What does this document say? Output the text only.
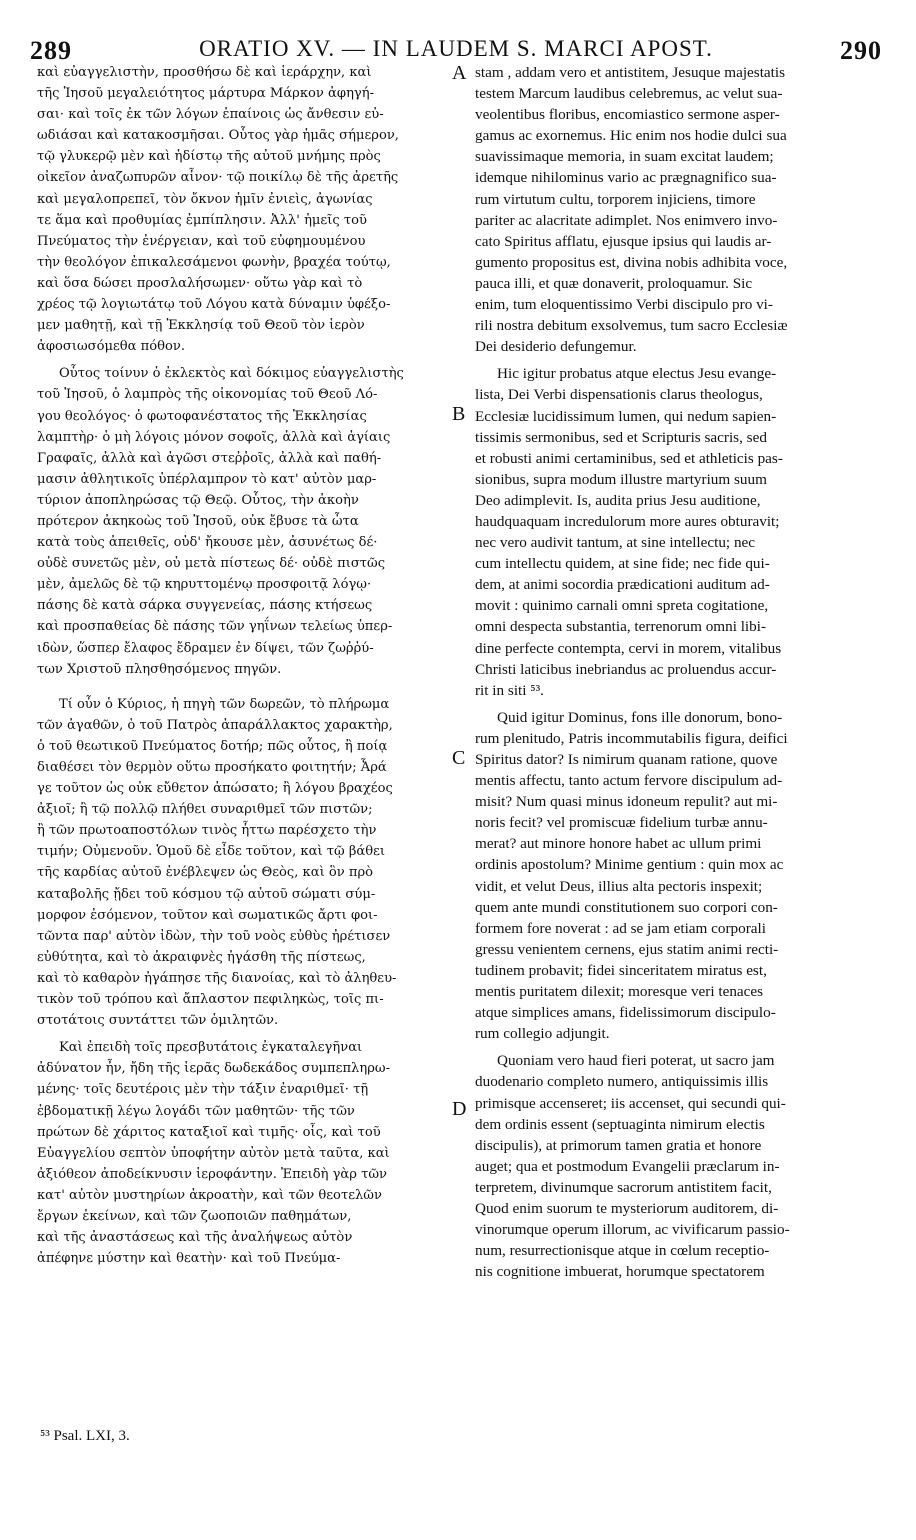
289	ORATIO XV. — IN LAUDEM S. MARCI APOST.	290
καὶ εὐαγγελιστὴν, προσθήσω δὲ καὶ ἱεράρχην, καὶ
τῆς Ἰησοῦ μεγαλειότητος μάρτυρα Μάρκον ἀφηγή-
σαι· καὶ τοῖς ἐκ τῶν λόγων ἐπαίνοις ὡς ἄνθεσιν εὐ-
ωδιάσαι καὶ κατακοσμῆσαι. Οὗτος γὰρ ἡμᾶς σήμερον,
τῷ γλυκερῷ μὲν καὶ ἡδίστῳ τῆς αὐτοῦ μνήμης πρὸς
οἰκεῖον ἀναζωπυρῶν αἶνον· τῷ ποικίλῳ δὲ τῆς ἀρετῆς
καὶ μεγαλοπρεπεῖ, τὸν ὄκνον ἡμῖν ἐνιεὶς, ἀγωνίας
τε ἅμα καὶ προθυμίας ἐμπίπλησιν. Ἀλλ' ἡμεῖς τοῦ
Πνεύματος τὴν ἐνέργειαν, καὶ τοῦ εὐφημουμένου
τὴν θεολόγον ἐπικαλεσάμενοι φωνὴν, βραχέα τούτῳ,
καὶ ὅσα δώσει προσλαλήσωμεν· οὕτω γὰρ καὶ τὸ
χρέος τῷ λογιωτάτῳ τοῦ Λόγου κατὰ δύναμιν ὑφέξο-
μεν μαθητῇ, καὶ τῇ Ἐκκλησίᾳ τοῦ Θεοῦ τὸν ἱερὸν
ἀφοσιωσόμεθα πόθον.
Οὗτος τοίνυν ὁ ἐκλεκτὸς καὶ δόκιμος εὐαγγελιστὴς
τοῦ Ἰησοῦ, ὁ λαμπρὸς τῆς οἰκονομίας τοῦ Θεοῦ Λό-
γου θεολόγος· ὁ φωτοφανέστατος τῆς Ἐκκλησίας
λαμπτὴρ· ὁ μὴ λόγοις μόνον σοφοῖς, ἀλλὰ καὶ ἁγίαις
Γραφαῖς, ἀλλὰ καὶ ἀγῶσι στεῤῥοῖς, ἀλλὰ καὶ παθή-
μασιν ἀθλητικοῖς ὑπέρλαμπρον τὸ κατ' αὐτὸν μαρ-
τύριον ἀποπληρώσας τῷ Θεῷ. Οὗτος, τὴν ἀκοὴν
πρότερον ἀκηκοὼς τοῦ Ἰησοῦ, οὐκ ἔβυσε τὰ ὦτα
κατὰ τοὺς ἀπειθεῖς, οὐδ' ἤκουσε μὲν, ἀσυνέτως δέ·
οὐδὲ συνετῶς μὲν, οὐ μετὰ πίστεως δέ· οὐδὲ πιστῶς
μὲν, ἀμελῶς δὲ τῷ κηρυττομένῳ προσφοιτᾷ λόγῳ·
πάσης δὲ κατὰ σάρκα συγγενείας, πάσης κτήσεως
καὶ προσπαθείας δὲ πάσης τῶν γηΐνων τελείως ὑπερ-
ιδὼν, ὥσπερ ἔλαφος ἔδραμεν ἐν δίψει, τῶν ζωῤῥύ-
των Χριστοῦ πλησθησόμενος πηγῶν.
Τί οὖν ὁ Κύριος, ἡ πηγὴ τῶν δωρεῶν, τὸ πλήρωμα
τῶν ἀγαθῶν, ὁ τοῦ Πατρὸς ἀπαράλλακτος χαρακτὴρ,
ὁ τοῦ θεωτικοῦ Πνεύματος δοτήρ; πῶς οὗτος, ἢ ποίᾳ
διαθέσει τὸν θερμὸν οὕτω προσήκατο φοιτητήν; Ἆρά
γε τοῦτον ὡς οὐκ εὔθετον ἀπώσατο; ἢ λόγου βραχέος
ἀξιοῖ; ἢ τῷ πολλῷ πλήθει συναριθμεῖ τῶν πιστῶν;
ἢ τῶν πρωτοαποστόλων τινὸς ἧττω παρέσχετο τὴν
τιμήν; Οὐμενοῦν. Ὁμοῦ δὲ εἶδε τοῦτον, καὶ τῷ βάθει
τῆς καρδίας αὐτοῦ ἐνέβλεψεν ὡς Θεὸς, καὶ ὃν πρὸ
καταβολῆς ᾔδει τοῦ κόσμου τῷ αὐτοῦ σώματι σύμ-
μορφον ἐσόμενον, τοῦτον καὶ σωματικῶς ἄρτι φοι-
τῶντα παρ' αὐτὸν ἰδὼν, τὴν τοῦ νοὸς εὐθὺς ἠρέτισεν
εὐθύτητα, καὶ τὸ ἀκραιφνὲς ἠγάσθη τῆς πίστεως,
καὶ τὸ καθαρὸν ἠγάπησε τῆς διανοίας, καὶ τὸ ἀληθευ-
τικὸν τοῦ τρόπου καὶ ἄπλαστον πεφιληκὼς, τοῖς πι-
στοτάτοις συντάττει τῶν ὁμιλητῶν.
Καὶ ἐπειδὴ τοῖς πρεσβυτάτοις ἐγκαταλεγῆναι
ἀδύνατον ἦν, ἤδη τῆς ἱερᾶς δωδεκάδος συμπεπληρω-
μένης· τοῖς δευτέροις μὲν τὴν τάξιν ἐναριθμεῖ· τῇ
ἑβδοματικῇ λέγω λογάδι τῶν μαθητῶν· τῆς τῶν
πρώτων δὲ χάριτος καταξιοῖ καὶ τιμῆς· οἷς, καὶ τοῦ
Εὐαγγελίου σεπτὸν ὑποφήτην αὐτὸν μετὰ ταῦτα, καὶ
ἀξιόθεον ἀποδείκνυσιν ἱεροφάντην. Ἐπειδὴ γὰρ τῶν
κατ' αὐτὸν μυστηρίων ἀκροατὴν, καὶ τῶν θεοτελῶν
ἔργων ἐκείνων, καὶ τῶν ζωοποιῶν παθημάτων,
καὶ τῆς ἀναστάσεως καὶ τῆς ἀναλήψεως αὐτὸν
ἀπέφηνε μύστην καὶ θεατὴν· καὶ τοῦ Πνεύμα-
stam , addam vero et antistitem, Jesuque majestatis
testem Marcum laudibus celebremus, ac velut sua-
veolentibus floribus, encomiastico sermone asper-
gamus ac exornemus. Hic enim nos hodie dulci sua
suavissimaque memoria, in suam excitat laudem;
idemque nihilominus vario ac prægnagnifico sua-
rum virtutum cultu, torporem injiciens, timore
pariter ac alacritate adimplet. Nos enimvero invo-
cato Spiritus afflatu, ejusque ipsius qui laudis ar-
gumento propositus est, divina nobis adhibita voce,
pauca illi, et quæ donaverit, proloquamur. Sic
enim, tum eloquentissimo Verbi discipulo pro vi-
rili nostra debitum exsolvemus, tum sacro Ecclesiæ
Dei desiderio defungemur.
Hic igitur probatus atque electus Jesu evange-
lista, Dei Verbi dispensationis clarus theologus,
Ecclesiæ lucidissimum lumen, qui nedum sapien-
tissimis sermonibus, sed et Scripturis sacris, sed
et robusti animi certaminibus, sed et athleticis pas-
sionibus, supra modum illustre martyrium suum
Deo adimplevit. Is, audita prius Jesu auditione,
haudquaquam incredulorum more aures obturavit;
nec vero audivit tantum, at sine intellectu; nec
cum intellectu quidem, at sine fide; nec fide qui-
dem, at animi socordia prædicationi auditum ad-
movit : quinimo carnali omni spreta cogitatione,
omni despecta substantia, terrenorum omni libi-
dine perfecte contempta, cervi in morem, vitalibus
Christi laticibus inebriandus ac proluendus accur-
rit in siti ⁵³.
Quid igitur Dominus, fons ille donorum, bono-
rum plenitudo, Patris incommutabilis figura, deifici
Spiritus dator? Is nimirum quanam ratione, quove
mentis affectu, tanto actum fervore discipulum ad-
misit? Num quasi minus idoneum repulit? aut mi-
noris fecit? vel promiscuæ fidelium turbæ annu-
merat? aut minore honore habet ac ullum primi
ordinis apostolum? Minime gentium : quin mox ac
vidit, et velut Deus, illius alta pectoris inspexit;
quem ante mundi constitutionem suo corpori con-
formem fore noverat : ad se jam etiam corporali
gressu venientem cernens, ejus statim animi recti-
tudinem probavit; fidei sinceritatem miratus est,
mentis puritatem dilexit; moresque veri tenaces
atque simplices amans, fidelissimorum discipulo-
rum collegio adjungit.
Quoniam vero haud fieri poterat, ut sacro jam
duodenario completo numero, antiquissimis illis
primisque accenseret; iis accenset, qui secundi qui-
dem ordinis essent (septuaginta nimirum electis
discipulis), at primorum tamen gratia et honore
auget; qua et postmodum Evangelii præclarum in-
terpretem, divinumque sacrorum antistitem facit,
Quod enim suorum te mysteriorum auditorem, di-
vinorumque operum illorum, ac vivificarum passio-
num, resurrectionisque atque in cœlum receptio-
nis cognitione imbuerat, horumque spectatorem
A
B
C
D
⁵³ Psal. LXI, 3.
